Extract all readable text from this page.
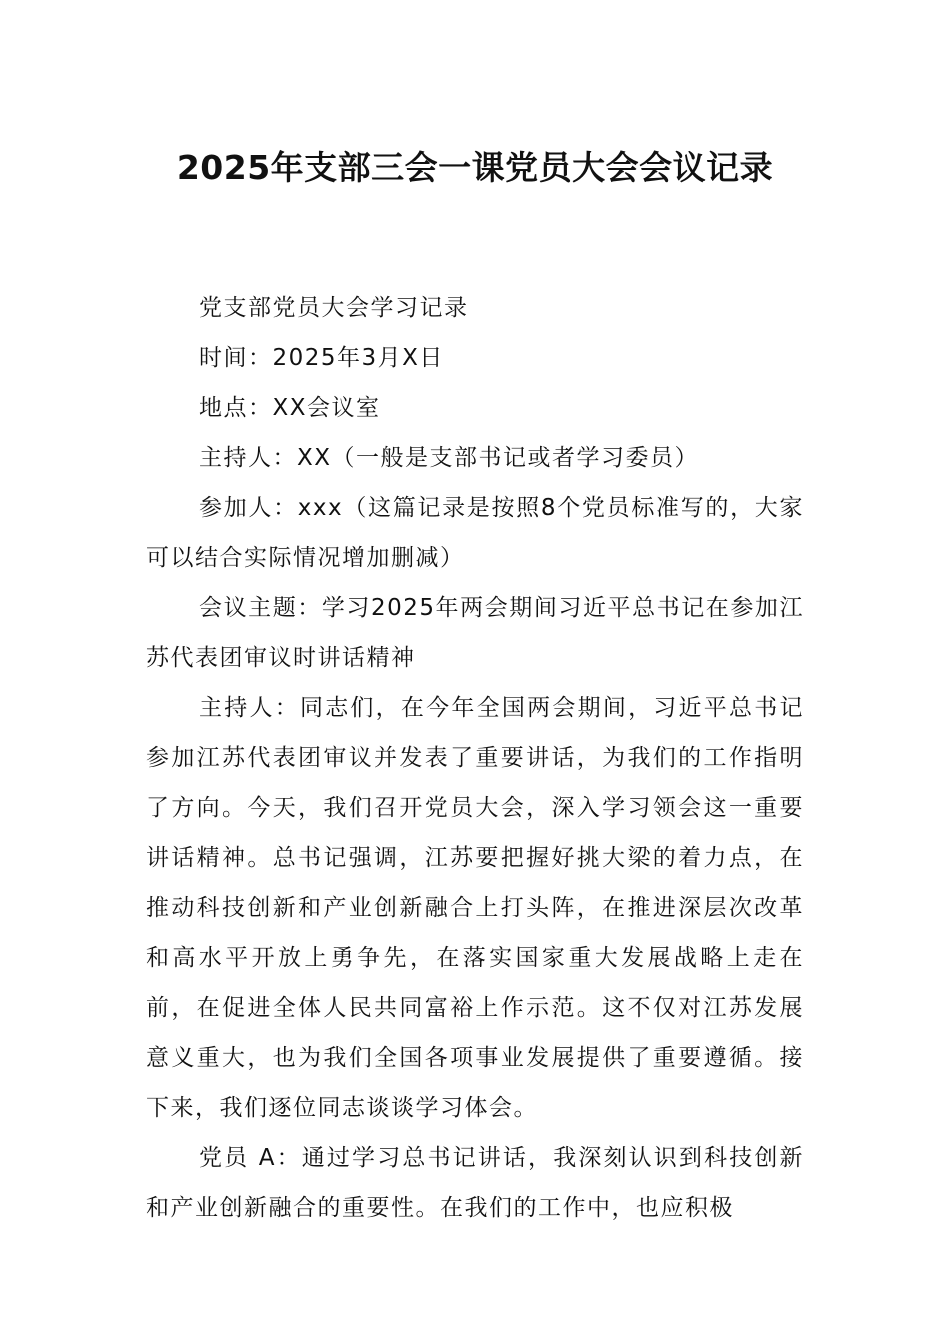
2025年支部三会一课党员大会会议记录

党支部党员大会学习记录

时间：2025年3月X日

地点：XX会议室

主持人：XX（一般是支部书记或者学习委员）

参加人：xxx（这篇记录是按照8个党员标准写的，大家可以结合实际情况增加删减）

会议主题：学习2025年两会期间习近平总书记在参加江苏代表团审议时讲话精神

主持人：同志们，在今年全国两会期间，习近平总书记参加江苏代表团审议并发表了重要讲话，为我们的工作指明了方向。今天，我们召开党员大会，深入学习领会这一重要讲话精神。总书记强调，江苏要把握好挑大梁的着力点，在推动科技创新和产业创新融合上打头阵，在推进深层次改革和高水平开放上勇争先，在落实国家重大发展战略上走在前，在促进全体人民共同富裕上作示范。这不仅对江苏发展意义重大，也为我们全国各项事业发展提供了重要遵循。接下来，我们逐位同志谈谈学习体会。

党员 A：通过学习总书记讲话，我深刻认识到科技创新和产业创新融合的重要性。在我们的工作中，也应积极
